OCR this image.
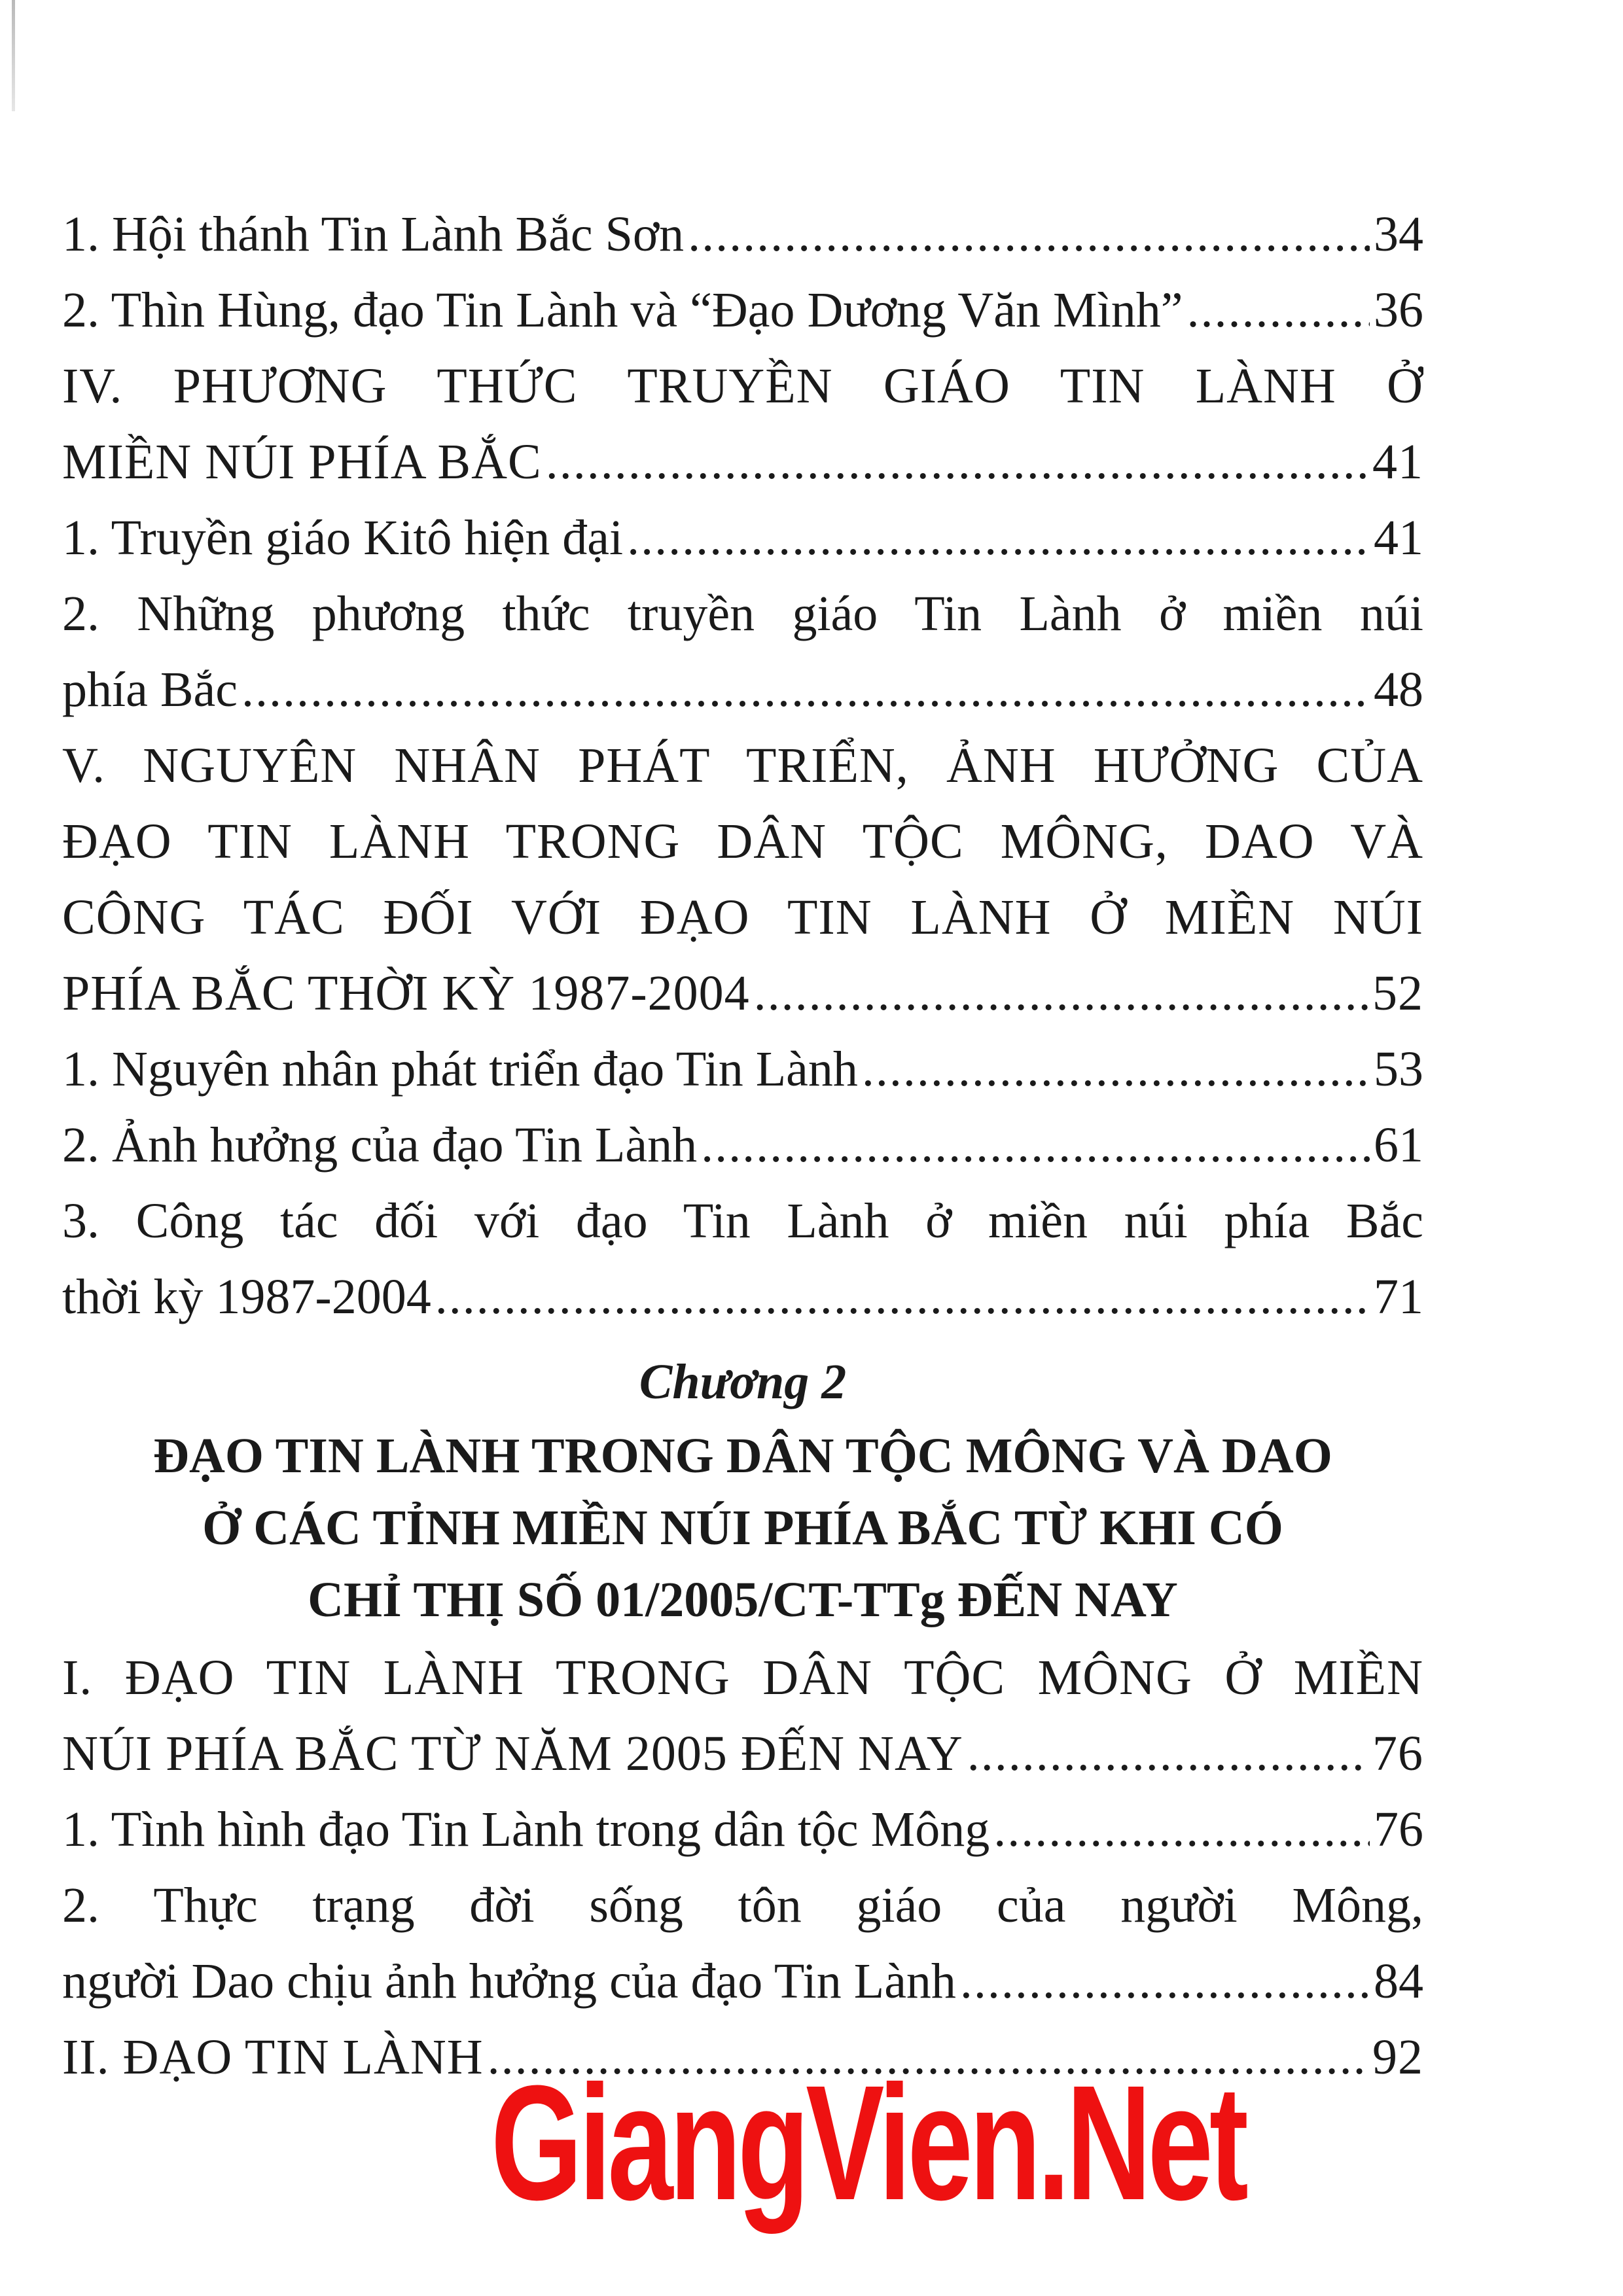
1. Hội thánh Tin Lành Bắc Sơn .....	34
2. Thìn Hùng, đạo Tin Lành và “Đạo Dương Văn Mình” .....	36
IV. PHƯƠNG THỨC TRUYỀN GIÁO TIN LÀNH Ở
MIỀN NÚI PHÍA BẮC .....	41
1. Truyền giáo Kitô hiện đại .....	41
2. Những phương thức truyền giáo Tin Lành ở miền núi
phía Bắc .....	48
V. NGUYÊN NHÂN PHÁT TRIỂN, ẢNH HƯỞNG CỦA
ĐẠO TIN LÀNH TRONG DÂN TỘC MÔNG, DAO VÀ
CÔNG TÁC ĐỐI VỚI ĐẠO TIN LÀNH Ở MIỀN NÚI
PHÍA BẮC THỜI KỲ 1987-2004 .....	52
1. Nguyên nhân phát triển đạo Tin Lành .....	53
2. Ảnh hưởng của đạo Tin Lành .....	61
3. Công tác đối với đạo Tin Lành ở miền núi phía Bắc
thời kỳ 1987-2004 .....	71
Chương 2
ĐẠO TIN LÀNH TRONG DÂN TỘC MÔNG VÀ DAO
Ở CÁC TỈNH MIỀN NÚI PHÍA BẮC TỪ KHI CÓ
CHỈ THỊ SỐ 01/2005/CT-TTg ĐẾN NAY
I. ĐẠO TIN LÀNH TRONG DÂN TỘC MÔNG Ở MIỀN
NÚI PHÍA BẮC TỪ NĂM 2005 ĐẾN NAY .....	76
1. Tình hình đạo Tin Lành trong dân tộc Mông .....	76
2. Thực trạng đời sống tôn giáo của người Mông,
người Dao chịu ảnh hưởng của đạo Tin Lành .....	84
II. ĐẠO TIN LÀNH .....	92
GiangVien.Net
